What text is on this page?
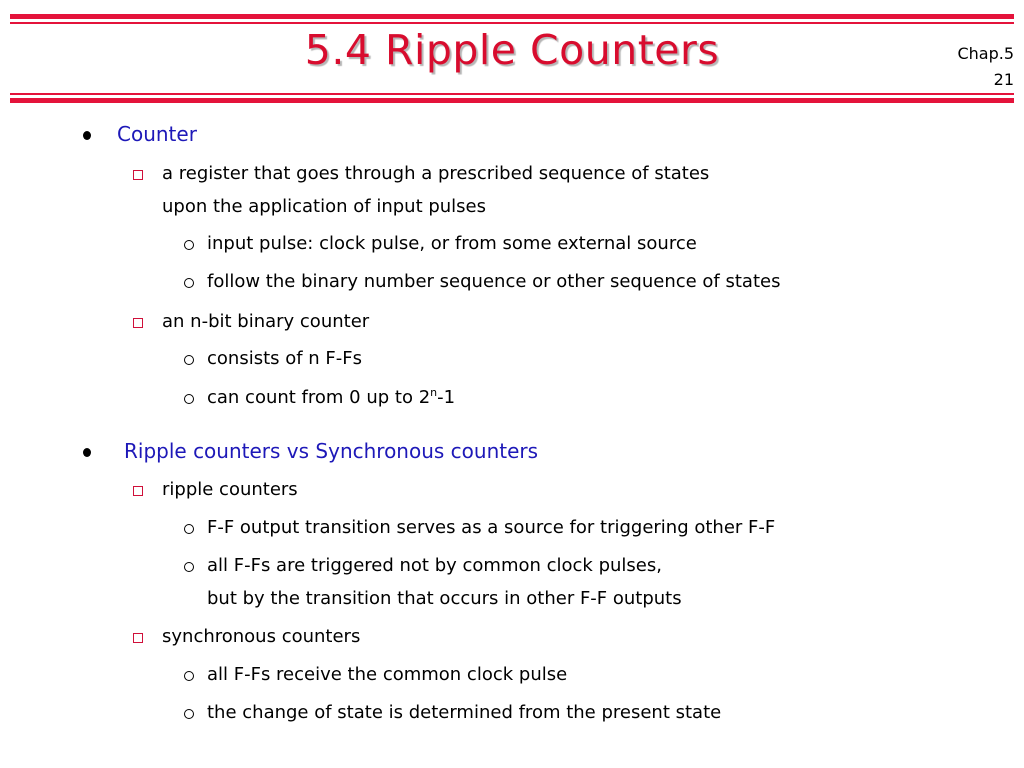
5.4 Ripple Counters	Chap.5
21
Counter
a register that goes through a prescribed sequence of states
upon the application of input pulses
input pulse: clock pulse, or from some external source
follow the binary number sequence or other sequence of states
an n-bit binary counter
consists of n F-Fs
can count from 0 up to 2$^n$-1
Ripple counters vs Synchronous counters
ripple counters
F-F output transition serves as a source for triggering other F-F
all F-Fs are triggered not by common clock pulses,
but by the transition that occurs in other F-F outputs
synchronous counters
all F-Fs receive the common clock pulse
the change of state is determined from the present state
